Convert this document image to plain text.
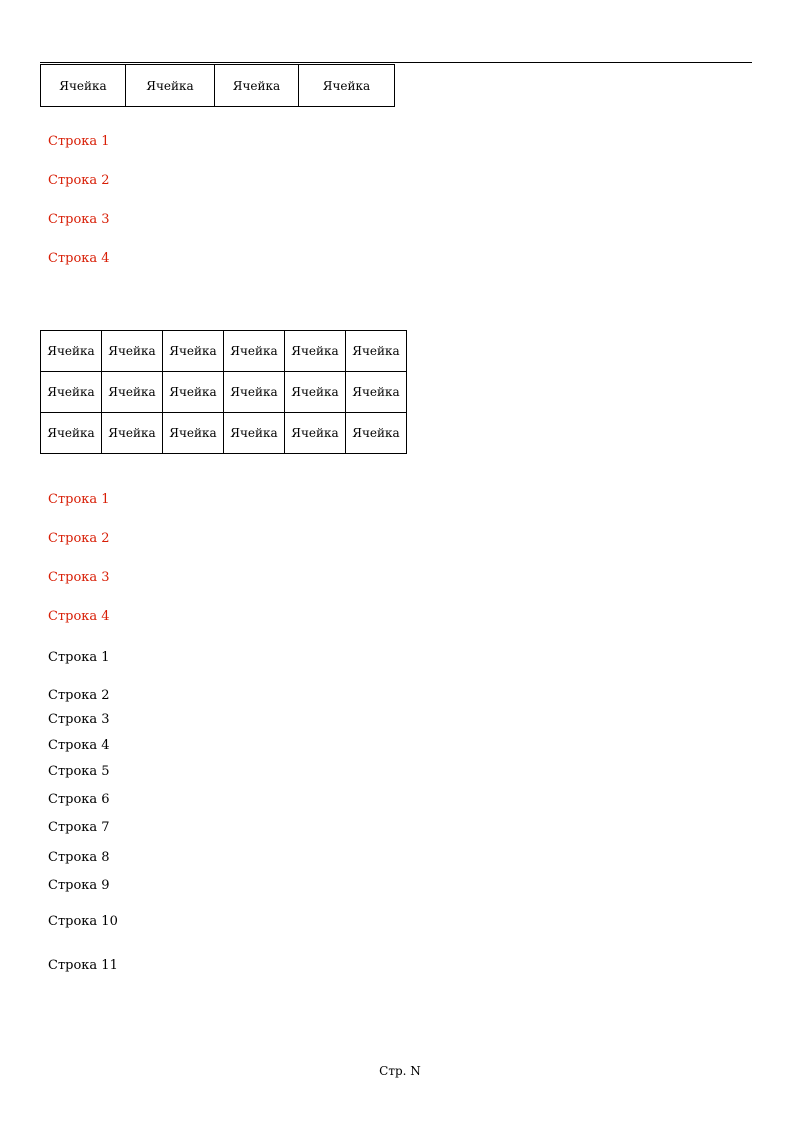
Ячейка	Ячейка	Ячейка	Ячейка
Строка 1
Строка 2
Строка 3
Строка 4
Ячейка	Ячейка	Ячейка	Ячейка	Ячейка	Ячейка
Ячейка	Ячейка	Ячейка	Ячейка	Ячейка	Ячейка
Ячейка	Ячейка	Ячейка	Ячейка	Ячейка	Ячейка
Строка 1
Строка 2
Строка 3
Строка 4
Строка 1
Строка 2
Строка 3
Строка 4
Строка 5
Строка 6
Строка 7
Строка 8
Строка 9
Строка 10
Строка 11
Стр. N
